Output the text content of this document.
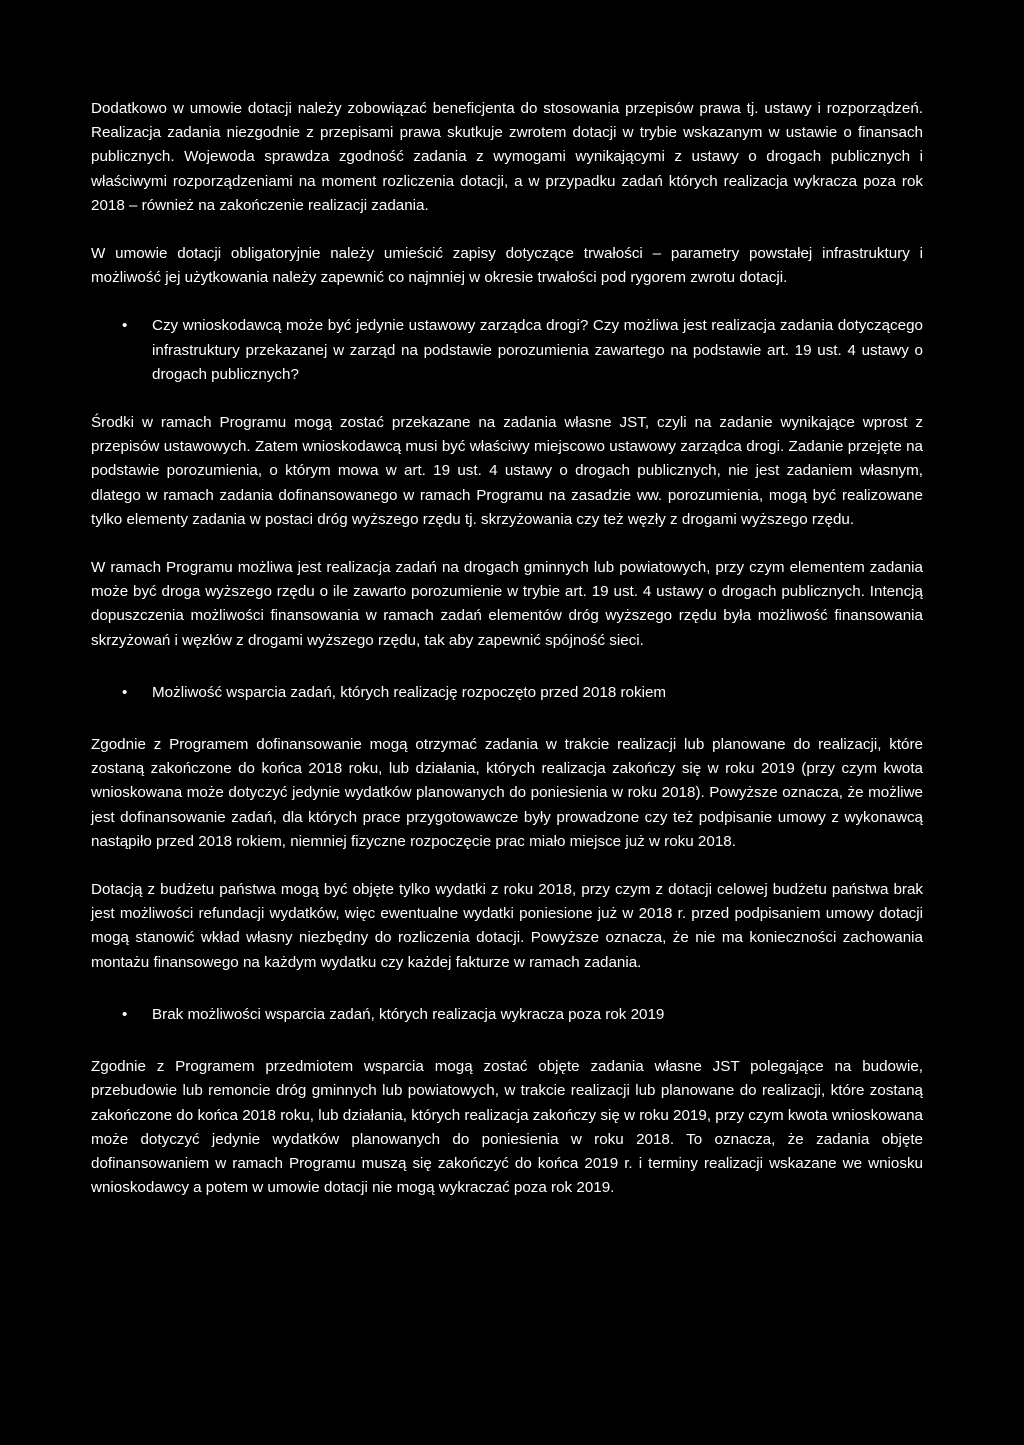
Dodatkowo w umowie dotacji należy zobowiązać beneficjenta do stosowania przepisów prawa tj. ustawy i rozporządzeń. Realizacja zadania niezgodnie z przepisami prawa skutkuje zwrotem dotacji w trybie wskazanym w ustawie o finansach publicznych. Wojewoda sprawdza zgodność zadania z wymogami wynikającymi z ustawy o drogach publicznych i właściwymi rozporządzeniami na moment rozliczenia dotacji, a w przypadku zadań których realizacja wykracza poza rok 2018 – również na zakończenie realizacji zadania.

W umowie dotacji obligatoryjnie należy umieścić zapisy dotyczące trwałości – parametry powstałej infrastruktury i możliwość jej użytkowania należy zapewnić co najmniej w okresie trwałości pod rygorem zwrotu dotacji.

• Czy wnioskodawcą może być jedynie ustawowy zarządca drogi? Czy możliwa jest realizacja zadania dotyczącego infrastruktury przekazanej w zarząd na podstawie porozumienia zawartego na podstawie art. 19 ust. 4 ustawy o drogach publicznych?

Środki w ramach Programu mogą zostać przekazane na zadania własne JST, czyli na zadanie wynikające wprost z przepisów ustawowych. Zatem wnioskodawcą musi być właściwy miejscowo ustawowy zarządca drogi. Zadanie przejęte na podstawie porozumienia, o którym mowa w art. 19 ust. 4 ustawy o drogach publicznych, nie jest zadaniem własnym, dlatego w ramach zadania dofinansowanego w ramach Programu na zasadzie ww. porozumienia, mogą być realizowane tylko elementy zadania w postaci dróg wyższego rzędu tj. skrzyżowania czy też węzły z drogami wyższego rzędu.

W ramach Programu możliwa jest realizacja zadań na drogach gminnych lub powiatowych, przy czym elementem zadania może być droga wyższego rzędu o ile zawarto porozumienie w trybie art. 19 ust. 4 ustawy o drogach publicznych. Intencją dopuszczenia możliwości finansowania w ramach zadań elementów dróg wyższego rzędu była możliwość finansowania skrzyżowań i węzłów z drogami wyższego rzędu, tak aby zapewnić spójność sieci.

• Możliwość wsparcia zadań, których realizację rozpoczęto przed 2018 rokiem

Zgodnie z Programem dofinansowanie mogą otrzymać zadania w trakcie realizacji lub planowane do realizacji, które zostaną zakończone do końca 2018 roku, lub działania, których realizacja zakończy się w roku 2019 (przy czym kwota wnioskowana może dotyczyć jedynie wydatków planowanych do poniesienia w roku 2018). Powyższe oznacza, że możliwe jest dofinansowanie zadań, dla których prace przygotowawcze były prowadzone czy też podpisanie umowy z wykonawcą nastąpiło przed 2018 rokiem, niemniej fizyczne rozpoczęcie prac miało miejsce już w roku 2018.

Dotacją z budżetu państwa mogą być objęte tylko wydatki z roku 2018, przy czym z dotacji celowej budżetu państwa brak jest możliwości refundacji wydatków, więc ewentualne wydatki poniesione już w 2018 r. przed podpisaniem umowy dotacji mogą stanowić wkład własny niezbędny do rozliczenia dotacji. Powyższe oznacza, że nie ma konieczności zachowania montażu finansowego na każdym wydatku czy każdej fakturze w ramach zadania.

• Brak możliwości wsparcia zadań, których realizacja wykracza poza rok 2019

Zgodnie z Programem przedmiotem wsparcia mogą zostać objęte zadania własne JST polegające na budowie, przebudowie lub remoncie dróg gminnych lub powiatowych, w trakcie realizacji lub planowane do realizacji, które zostaną zakończone do końca 2018 roku, lub działania, których realizacja zakończy się w roku 2019, przy czym kwota wnioskowana może dotyczyć jedynie wydatków planowanych do poniesienia w roku 2018. To oznacza, że zadania objęte dofinansowaniem w ramach Programu muszą się zakończyć do końca 2019 r. i terminy realizacji wskazane we wniosku wnioskodawcy a potem w umowie dotacji nie mogą wykraczać poza rok 2019.
